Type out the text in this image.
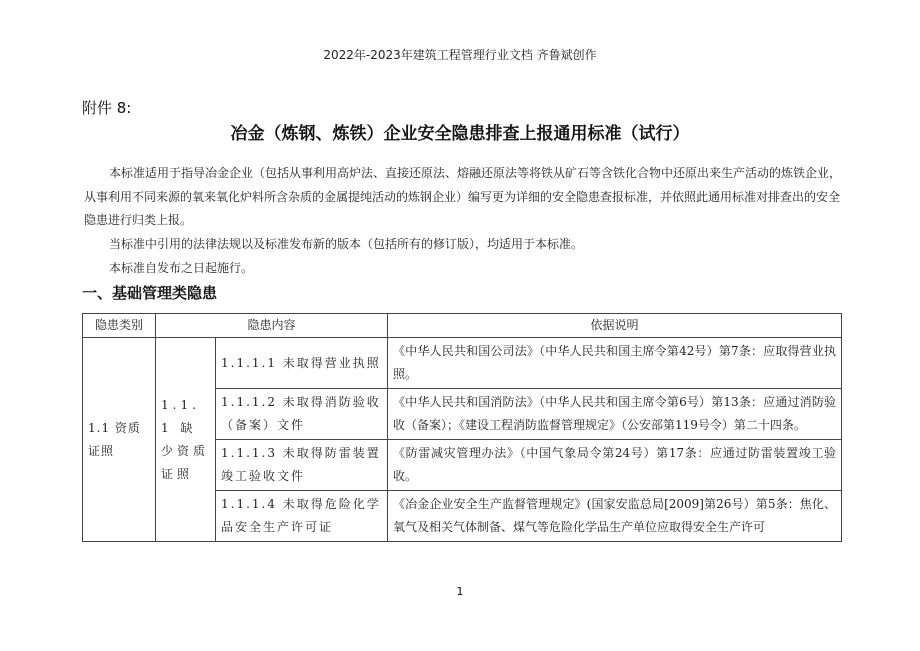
2022年-2023年建筑工程管理行业文档 齐鲁斌创作
附件 8:
冶金（炼钢、炼铁）企业安全隐患排查上报通用标准（试行）
本标准适用于指导冶金企业（包括从事利用高炉法、直接还原法、熔融还原法等将铁从矿石等含铁化合物中还原出来生产活动的炼铁企业，从事利用不同来源的氧来氧化炉料所含杂质的金属提纯活动的炼钢企业）编写更为详细的安全隐患查报标准，并依照此通用标准对排查出的安全隐患进行归类上报。
当标准中引用的法律法规以及标准发布新的版本（包括所有的修订版），均适用于本标准。
本标准自发布之日起施行。
一、基础管理类隐患
隐患类别	隐患内容		依据说明
1.1 资质证照	1.1.1 缺少资质证照	1.1.1.1 未取得营业执照	《中华人民共和国公司法》（中华人民共和国主席令第42号）第7条：应取得营业执照。
		1.1.1.2 未取得消防验收（备案）文件	《中华人民共和国消防法》（中华人民共和国主席令第6号）第13条：应通过消防验收（备案）；《建设工程消防监督管理规定》（公安部第119号令）第二十四条。
		1.1.1.3 未取得防雷装置竣工验收文件	《防雷减灾管理办法》（中国气象局令第24号）第17条：应通过防雷装置竣工验收。
		1.1.1.4 未取得危险化学品安全生产许可证	《冶金企业安全生产监督管理规定》(国家安监总局[2009]第26号）第5条：焦化、氧气及相关气体制备、煤气等危险化学品生产单位应取得安全生产许可
1
